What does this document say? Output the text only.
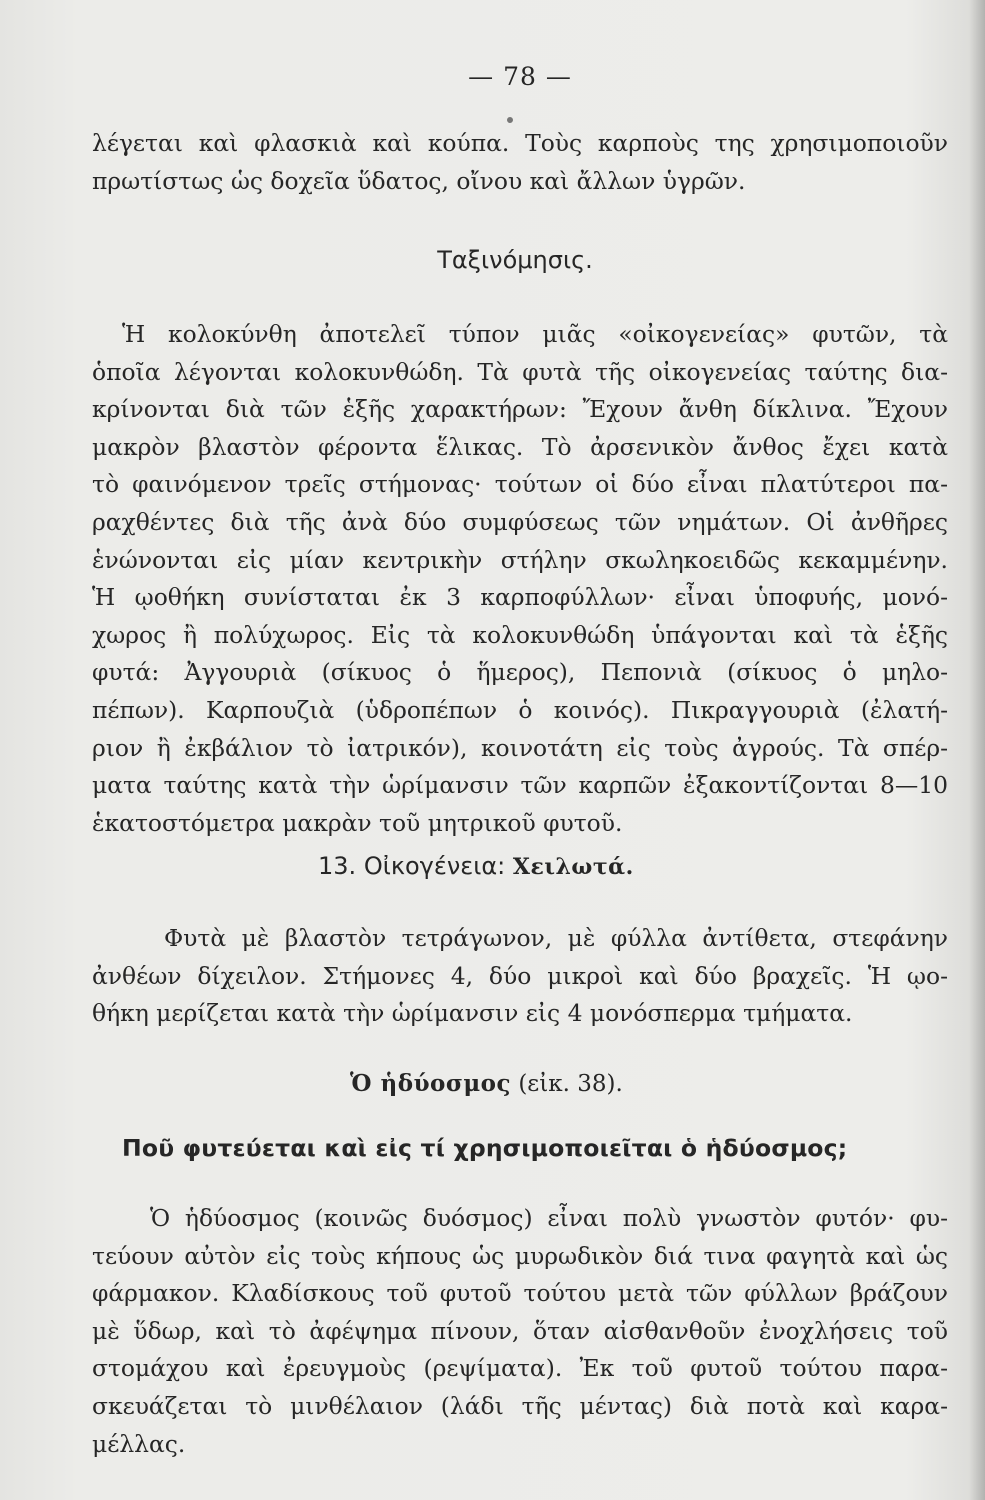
— 78 —
λέγεται καὶ φλασκιὰ καὶ κούπα. Τοὺς καρποὺς της χρησιμοποιοῦν
πρωτίστως ὡς δοχεῖα ὕδατος, οἴνου καὶ ἄλλων ὑγρῶν.
Ταξινόμησις.
Ἡ κολοκύνθη ἀποτελεῖ τύπον μιᾶς «οἰκογενείας» φυτῶν, τὰ
ὁποῖα λέγονται κολοκυνθώδη. Τὰ φυτὰ τῆς οἰκογενείας ταύτης δια-
κρίνονται διὰ τῶν ἑξῆς χαρακτήρων: Ἔχουν ἄνθη δίκλινα. Ἔχουν
μακρὸν βλαστὸν φέροντα ἕλικας. Τὸ ἀρσενικὸν ἄνθος ἔχει κατὰ
τὸ φαινόμενον τρεῖς στήμονας· τούτων οἱ δύο εἶναι πλατύτεροι πα-
ραχθέντες διὰ τῆς ἀνὰ δύο συμφύσεως τῶν νημάτων. Οἱ ἀνθῆρες
ἑνώνονται εἰς μίαν κεντρικὴν στήλην σκωληκοειδῶς κεκαμμένην.
Ἡ ῳοθήκη συνίσταται ἐκ 3 καρποφύλλων· εἶναι ὑποφυής, μονό-
χωρος ἢ πολύχωρος. Εἰς τὰ κολοκυνθώδη ὑπάγονται καὶ τὰ ἑξῆς
φυτά: Ἀγγουριὰ (σίκυος ὁ ἥμερος), Πεπονιὰ (σίκυος ὁ μηλο-
πέπων). Καρπουζιὰ (ὑδροπέπων ὁ κοινός). Πικραγγουριὰ (ἐλατή-
ριον ἢ ἐκβάλιον τὸ ἰατρικόν), κοινοτάτη εἰς τοὺς ἀγρούς. Τὰ σπέρ-
ματα ταύτης κατὰ τὴν ὡρίμανσιν τῶν καρπῶν ἐξακοντίζονται 8—10
ἑκατοστόμετρα μακρὰν τοῦ μητρικοῦ φυτοῦ.
13. Οἰκογένεια: Χειλωτά.
Φυτὰ μὲ βλαστὸν τετράγωνον, μὲ φύλλα ἀντίθετα, στεφάνην
ἀνθέων δίχειλον. Στήμονες 4, δύο μικροὶ καὶ δύο βραχεῖς. Ἡ ῳο-
θήκη μερίζεται κατὰ τὴν ὡρίμανσιν εἰς 4 μονόσπερμα τμήματα.
Ὁ ἡδύοσμος (εἰκ. 38).
Ποῦ φυτεύεται καὶ εἰς τί χρησιμοποιεῖται ὁ ἡδύοσμος;
Ὁ ἡδύοσμος (κοινῶς δυόσμος) εἶναι πολὺ γνωστὸν φυτόν· φυ-
τεύουν αὐτὸν εἰς τοὺς κήπους ὡς μυρωδικὸν διά τινα φαγητὰ καὶ ὡς
φάρμακον. Κλαδίσκους τοῦ φυτοῦ τούτου μετὰ τῶν φύλλων βράζουν
μὲ ὕδωρ, καὶ τὸ ἀφέψημα πίνουν, ὅταν αἰσθανθοῦν ἐνοχλήσεις τοῦ
στομάχου καὶ ἐρευγμοὺς (ρεψίματα). Ἐκ τοῦ φυτοῦ τούτου παρα-
σκευάζεται τὸ μινθέλαιον (λάδι τῆς μέντας) διὰ ποτὰ καὶ καρα-
μέλλας.
